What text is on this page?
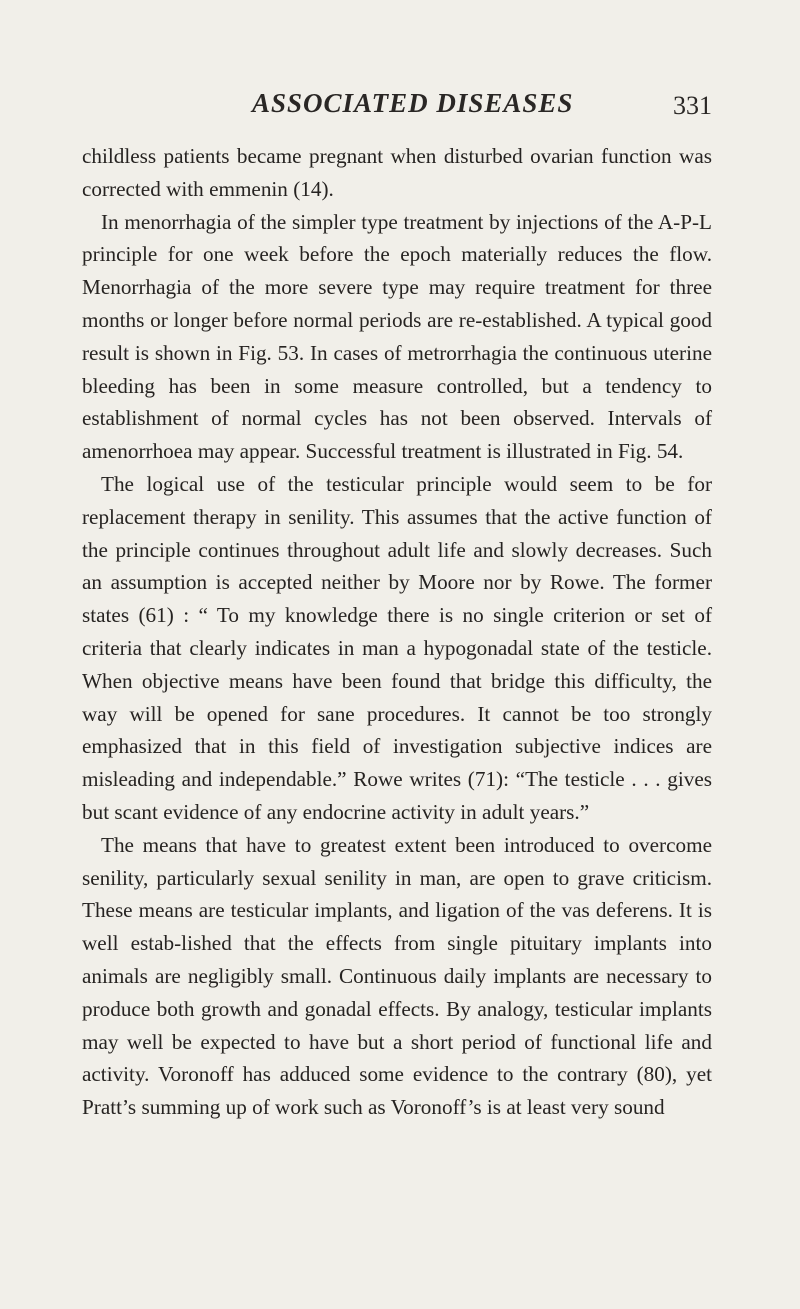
ASSOCIATED DISEASES	331

childless patients became pregnant when disturbed ovarian function was corrected with emmenin (14).

In menorrhagia of the simpler type treatment by injections of the A-P-L principle for one week before the epoch materially reduces the flow. Menorrhagia of the more severe type may require treatment for three months or longer before normal periods are re-established. A typical good result is shown in Fig. 53. In cases of metrorrhagia the continuous uterine bleeding has been in some measure controlled, but a tendency to establishment of normal cycles has not been observed. Intervals of amenorrhoea may appear. Successful treatment is illustrated in Fig. 54.

The logical use of the testicular principle would seem to be for replacement therapy in senility. This assumes that the active function of the principle continues throughout adult life and slowly decreases. Such an assumption is accepted neither by Moore nor by Rowe. The former states (61) : “ To my knowledge there is no single criterion or set of criteria that clearly indicates in man a hypogonadal state of the testicle. When objective means have been found that bridge this difficulty, the way will be opened for sane procedures. It cannot be too strongly emphasized that in this field of investigation subjective indices are misleading and independable.” Rowe writes (71): “The testicle . . . gives but scant evidence of any endocrine activity in adult years.”

The means that have to greatest extent been introduced to overcome senility, particularly sexual senility in man, are open to grave criticism. These means are testicular implants, and ligation of the vas deferens. It is well estab-lished that the effects from single pituitary implants into animals are negligibly small. Continuous daily implants are necessary to produce both growth and gonadal effects. By analogy, testicular implants may well be expected to have but a short period of functional life and activity. Voronoff has adduced some evidence to the contrary (80), yet Pratt’s summing up of work such as Voronoff’s is at least very sound
